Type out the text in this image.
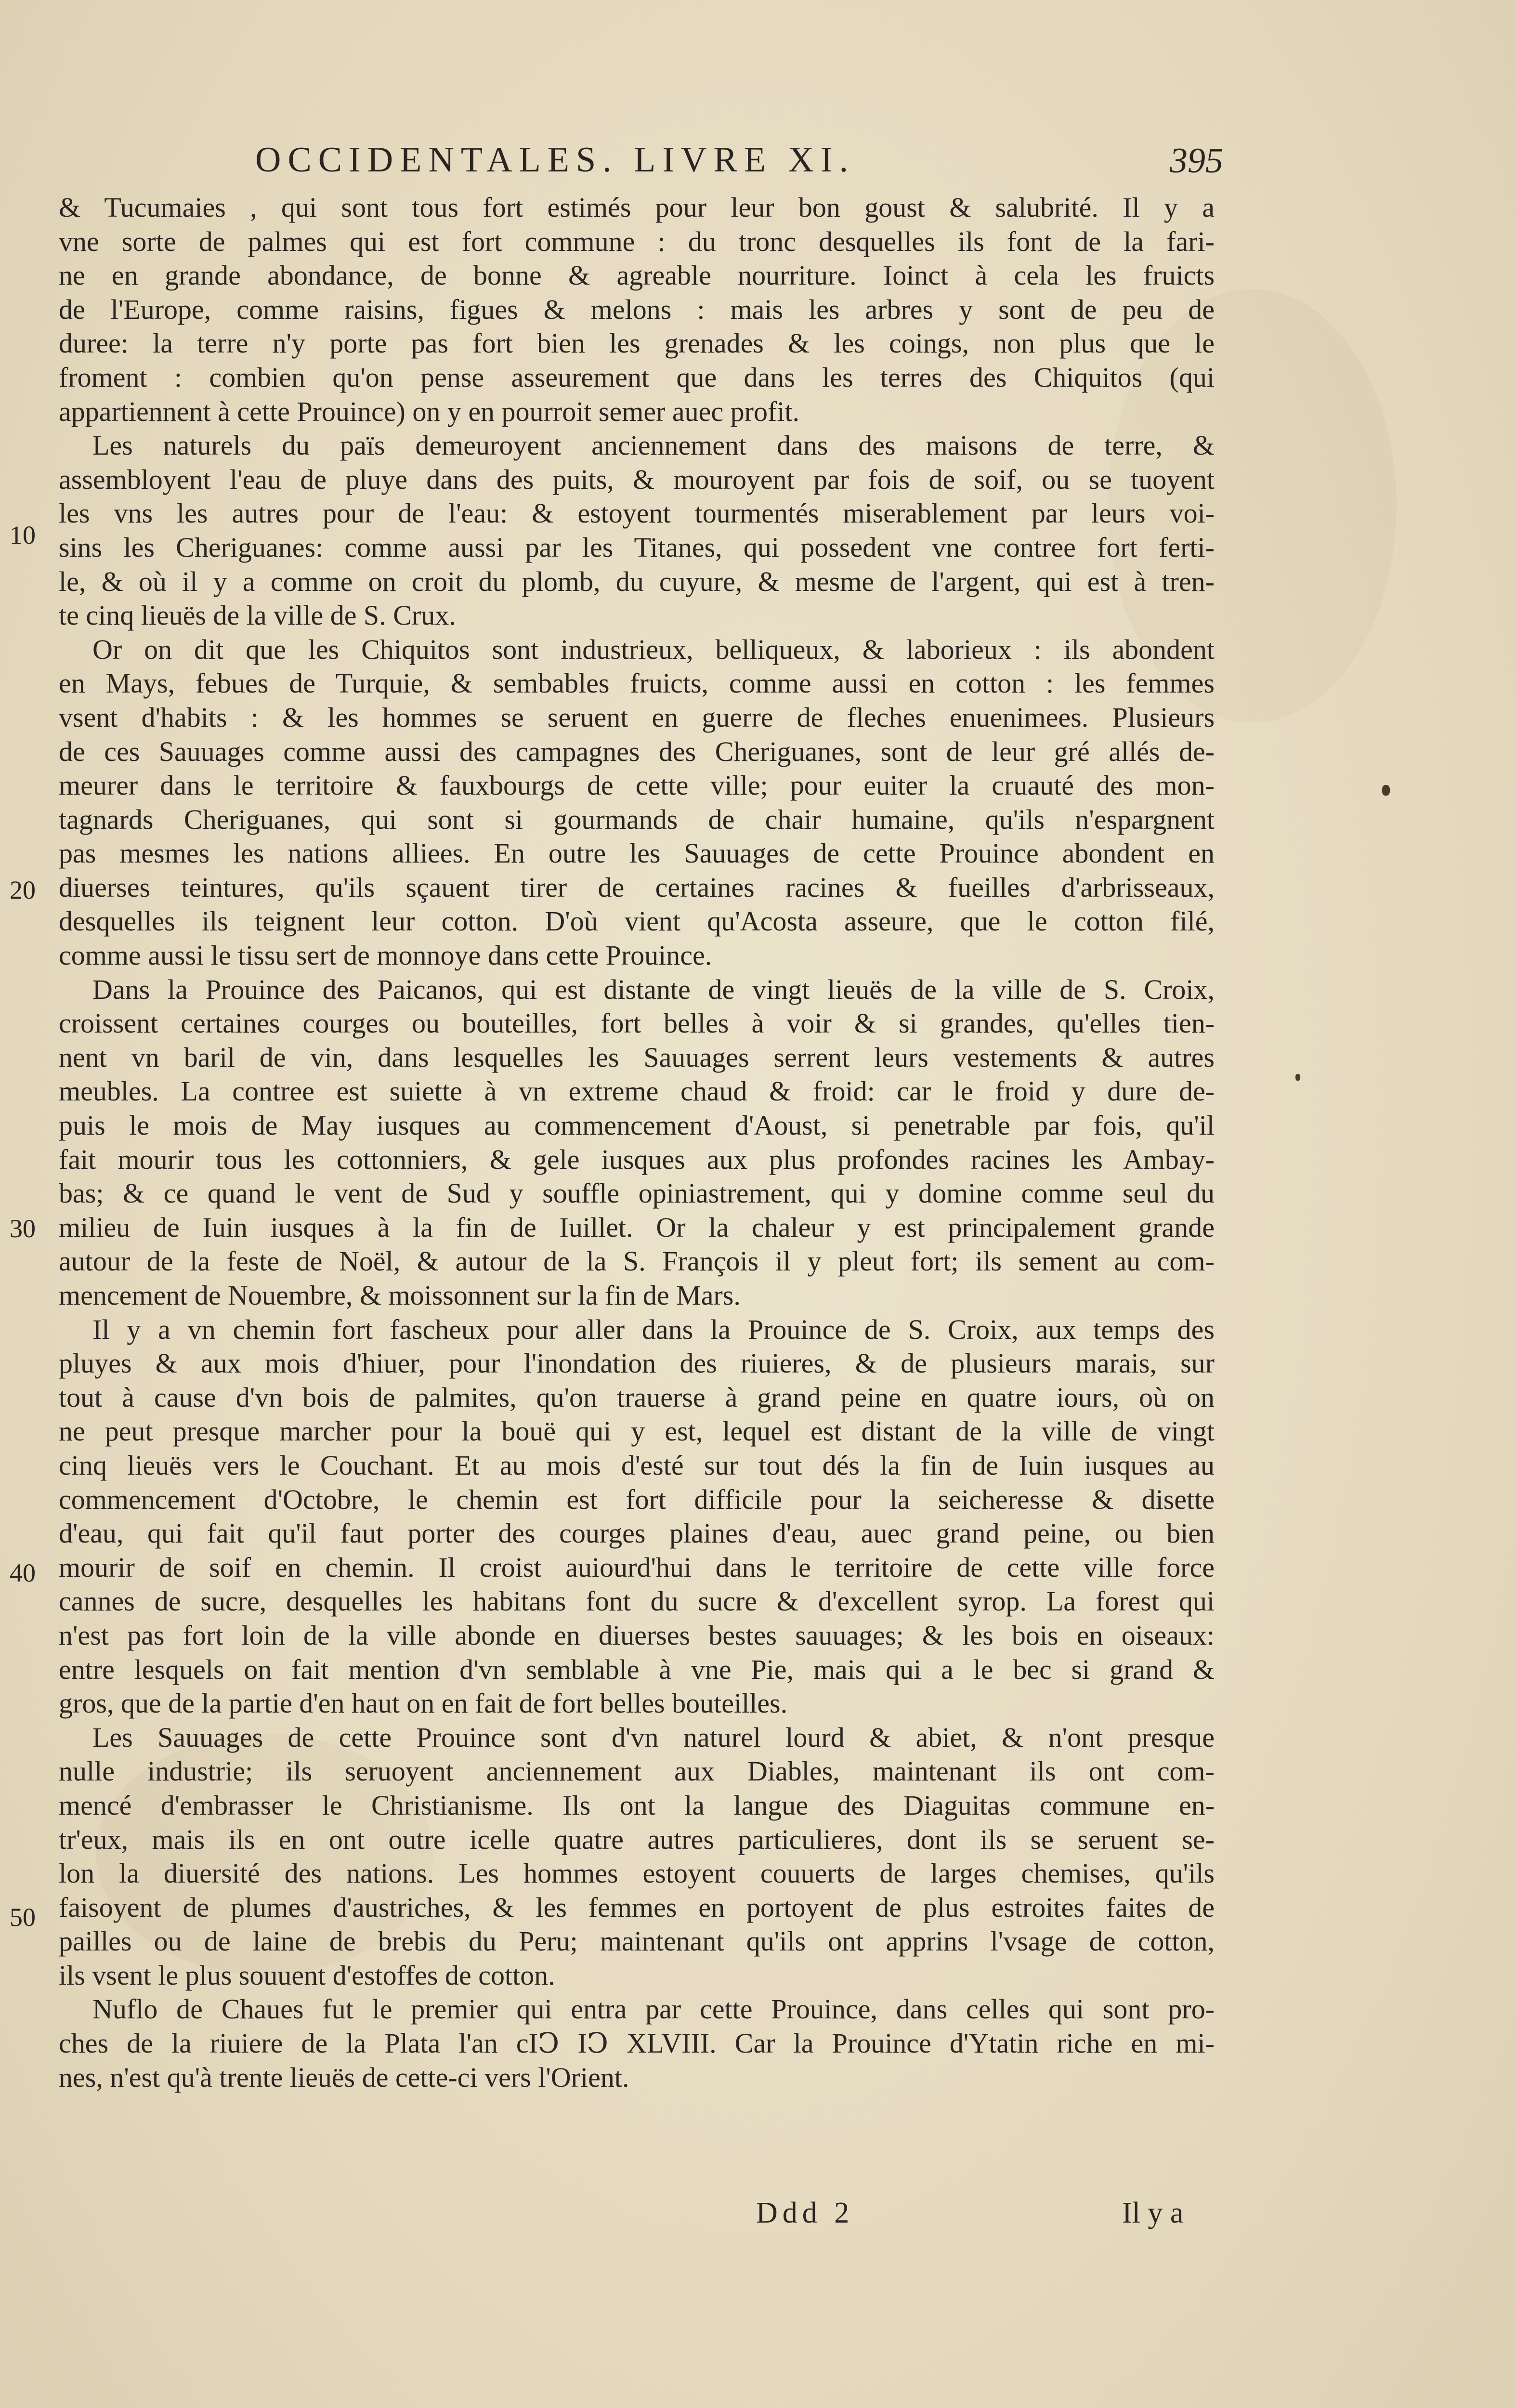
OCCIDENTALES. LIVRE XI.	395
10
20
30
40
50
& Tucumaies , qui sont tous fort estimés pour leur bon goust & salubrité. Il y a
vne sorte de palmes qui est fort commune : du tronc desquelles ils font de la fari-
ne en grande abondance, de bonne & agreable nourriture. Ioinct à cela les fruicts
de l'Europe, comme raisins, figues & melons : mais les arbres y sont de peu de
duree: la terre n'y porte pas fort bien les grenades & les coings, non plus que le
froment : combien qu'on pense asseurement que dans les terres des Chiquitos (qui
appartiennent à cette Prouince) on y en pourroit semer auec profit.
Les naturels du païs demeuroyent anciennement dans des maisons de terre, &
assembloyent l'eau de pluye dans des puits, & mouroyent par fois de soif, ou se tuoyent
les vns les autres pour de l'eau: & estoyent tourmentés miserablement par leurs voi-
sins les Cheriguanes: comme aussi par les Titanes, qui possedent vne contree fort ferti-
le, & où il y a comme on croit du plomb, du cuyure, & mesme de l'argent, qui est à tren-
te cinq lieuës de la ville de S. Crux.
Or on dit que les Chiquitos sont industrieux, belliqueux, & laborieux : ils abondent
en Mays, febues de Turquie, & sembables fruicts, comme aussi en cotton : les femmes
vsent d'habits : & les hommes se seruent en guerre de fleches enuenimees. Plusieurs
de ces Sauuages comme aussi des campagnes des Cheriguanes, sont de leur gré allés de-
meurer dans le territoire & fauxbourgs de cette ville; pour euiter la cruauté des mon-
tagnards Cheriguanes, qui sont si gourmands de chair humaine, qu'ils n'espargnent
pas mesmes les nations alliees. En outre les Sauuages de cette Prouince abondent en
diuerses teintures, qu'ils sçauent tirer de certaines racines & fueilles d'arbrisseaux,
desquelles ils teignent leur cotton. D'où vient qu'Acosta asseure, que le cotton filé,
comme aussi le tissu sert de monnoye dans cette Prouince.
Dans la Prouince des Paicanos, qui est distante de vingt lieuës de la ville de S. Croix,
croissent certaines courges ou bouteilles, fort belles à voir & si grandes, qu'elles tien-
nent vn baril de vin, dans lesquelles les Sauuages serrent leurs vestements & autres
meubles. La contree est suiette à vn extreme chaud & froid: car le froid y dure de-
puis le mois de May iusques au commencement d'Aoust, si penetrable par fois, qu'il
fait mourir tous les cottonniers, & gele iusques aux plus profondes racines les Ambay-
bas; & ce quand le vent de Sud y souffle opiniastrement, qui y domine comme seul du
milieu de Iuin iusques à la fin de Iuillet. Or la chaleur y est principalement grande
autour de la feste de Noël, & autour de la S. François il y pleut fort; ils sement au com-
mencement de Nouembre, & moissonnent sur la fin de Mars.
Il y a vn chemin fort fascheux pour aller dans la Prouince de S. Croix, aux temps des
pluyes & aux mois d'hiuer, pour l'inondation des riuieres, & de plusieurs marais, sur
tout à cause d'vn bois de palmites, qu'on trauerse à grand peine en quatre iours, où on
ne peut presque marcher pour la bouë qui y est, lequel est distant de la ville de vingt
cinq lieuës vers le Couchant. Et au mois d'esté sur tout dés la fin de Iuin iusques au
commencement d'Octobre, le chemin est fort difficile pour la seicheresse & disette
d'eau, qui fait qu'il faut porter des courges plaines d'eau, auec grand peine, ou bien
mourir de soif en chemin. Il croist auiourd'hui dans le territoire de cette ville force
cannes de sucre, desquelles les habitans font du sucre & d'excellent syrop. La forest qui
n'est pas fort loin de la ville abonde en diuerses bestes sauuages; & les bois en oiseaux:
entre lesquels on fait mention d'vn semblable à vne Pie, mais qui a le bec si grand &
gros, que de la partie d'en haut on en fait de fort belles bouteilles.
Les Sauuages de cette Prouince sont d'vn naturel lourd & abiet, & n'ont presque
nulle industrie; ils seruoyent anciennement aux Diables, maintenant ils ont com-
mencé d'embrasser le Christianisme. Ils ont la langue des Diaguitas commune en-
tr'eux, mais ils en ont outre icelle quatre autres particulieres, dont ils se seruent se-
lon la diuersité des nations. Les hommes estoyent couuerts de larges chemises, qu'ils
faisoyent de plumes d'austriches, & les femmes en portoyent de plus estroites faites de
pailles ou de laine de brebis du Peru; maintenant qu'ils ont apprins l'vsage de cotton,
ils vsent le plus souuent d'estoffes de cotton.
Nuflo de Chaues fut le premier qui entra par cette Prouince, dans celles qui sont pro-
ches de la riuiere de la Plata l'an cIↃ IↃ XLVIII. Car la Prouince d'Ytatin riche en mi-
nes, n'est qu'à trente lieuës de cette-ci vers l'Orient.
Ddd 2	Il y a
